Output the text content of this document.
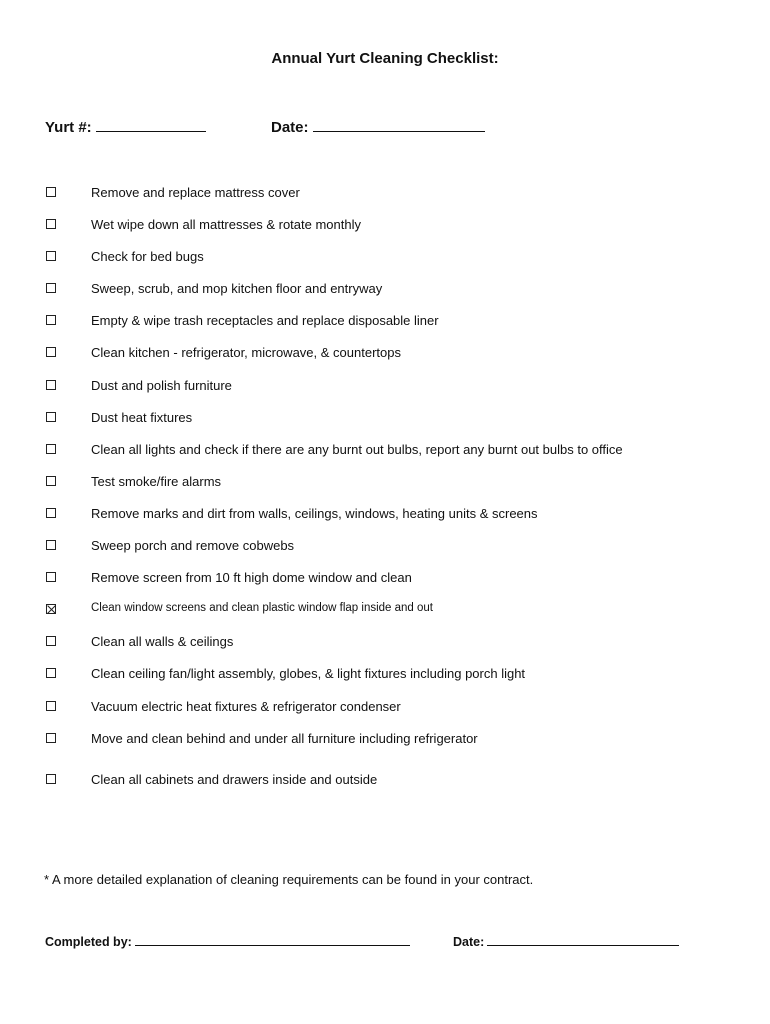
Annual Yurt Cleaning Checklist:
Yurt #:	Date:
Remove and replace mattress cover
Wet wipe down all mattresses & rotate monthly
Check for bed bugs
Sweep, scrub, and mop kitchen floor and entryway
Empty & wipe trash receptacles and replace disposable liner
Clean kitchen - refrigerator, microwave, & countertops
Dust and polish furniture
Dust heat fixtures
Clean all lights and check if there are any burnt out bulbs, report any burnt out bulbs to office
Test smoke/fire alarms
Remove marks and dirt from walls, ceilings, windows, heating units & screens
Sweep porch and remove cobwebs
Remove screen from 10 ft high dome window and clean
Clean window screens and clean plastic window flap inside and out
Clean all walls & ceilings
Clean ceiling fan/light assembly, globes, & light fixtures including porch light
Vacuum electric heat fixtures & refrigerator condenser
Move and clean behind and under all furniture including refrigerator
Clean all cabinets and drawers inside and outside
* A more detailed explanation of cleaning requirements can be found in your contract.
Completed by:	Date:
